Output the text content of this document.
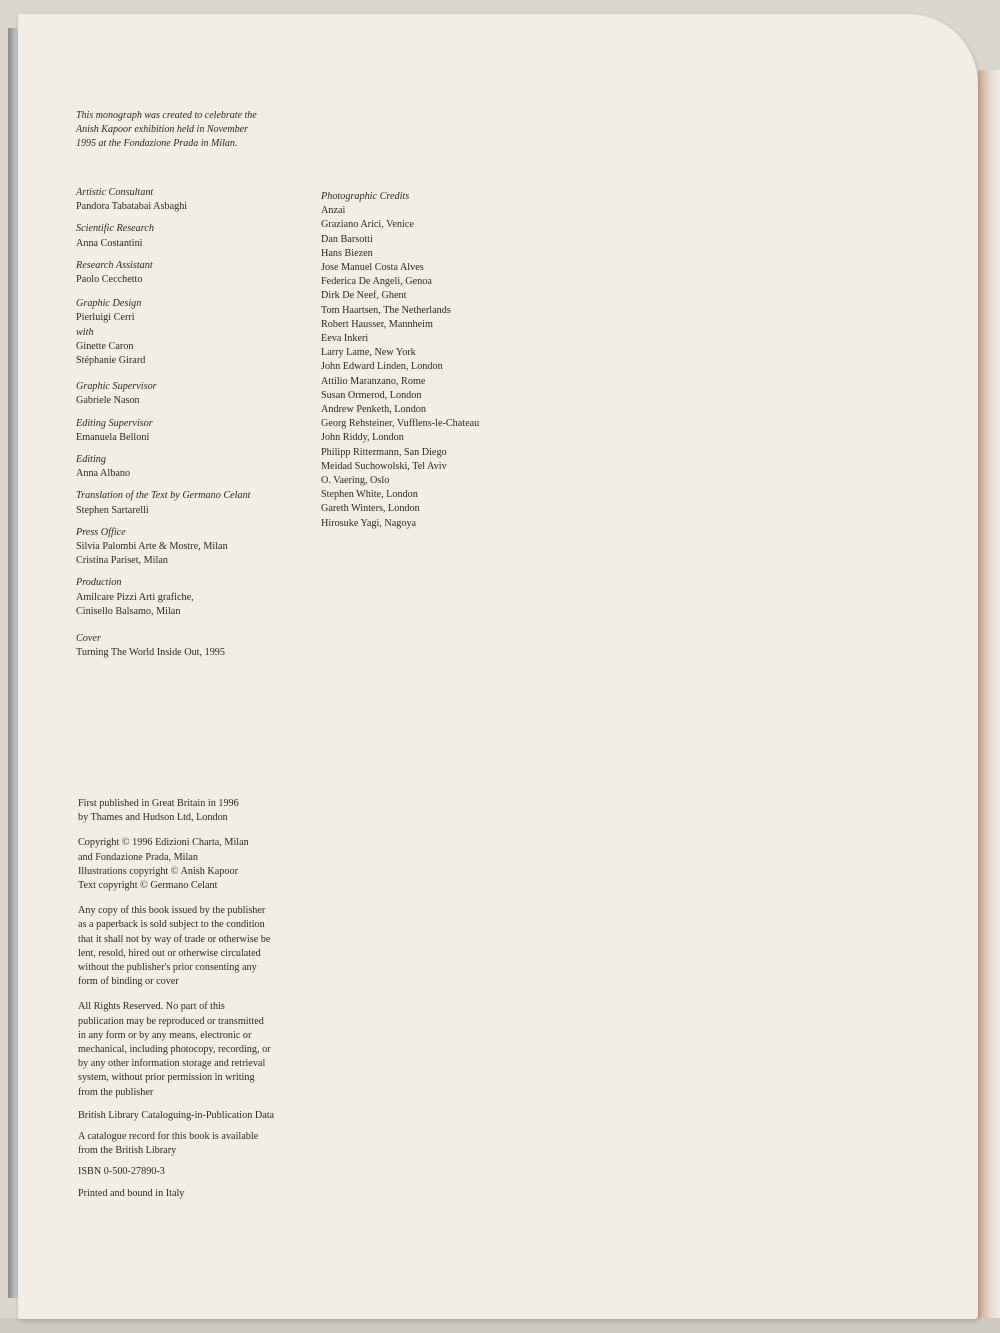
This monograph was created to celebrate the
Anish Kapoor exhibition held in November
1995 at the Fondazione Prada in Milan.
Artistic Consultant
Pandora Tabatabai Asbaghi
Scientific Research
Anna Costantini
Research Assistant
Paolo Cecchetto
Graphic Design
Pierluigi Cerri
with
Ginette Caron
Stéphanie Girard
Graphic Supervisor
Gabriele Nason
Editing Supervisor
Emanuela Belloni
Editing
Anna Albano
Translation of the Text by Germano Celant
Stephen Sartarelli
Press Office
Silvia Palombi Arte & Mostre, Milan
Cristina Pariset, Milan
Production
Amilcare Pizzi Arti grafiche,
Cinisello Balsamo, Milan
Cover
Turning The World Inside Out, 1995
Photographic Credits
Anzai
Graziano Arici, Venice
Dan Barsotti
Hans Biezen
Jose Manuel Costa Alves
Federica De Angeli, Genoa
Dirk De Neef, Ghent
Tom Haartsen, The Netherlands
Robert Hausser, Mannheim
Eeva Inkeri
Larry Lame, New York
John Edward Linden, London
Attilio Maranzano, Rome
Susan Ormerod, London
Andrew Penketh, London
Georg Rehsteiner, Vufflens-le-Chateau
John Riddy, London
Philipp Rittermann, San Diego
Meidad Suchowolski, Tel Aviv
O. Vaering, Oslo
Stephen White, London
Gareth Winters, London
Hirosuke Yagi, Nagoya
First published in Great Britain in 1996
by Thames and Hudson Ltd, London
Copyright © 1996 Edizioni Charta, Milan
and Fondazione Prada, Milan
Illustrations copyright © Anish Kapoor
Text copyright © Germano Celant
Any copy of this book issued by the publisher
as a paperback is sold subject to the condition
that it shall not by way of trade or otherwise be
lent, resold, hired out or otherwise circulated
without the publisher's prior consenting any
form of binding or cover
All Rights Reserved. No part of this
publication may be reproduced or transmitted
in any form or by any means, electronic or
mechanical, including photocopy, recording, or
by any other information storage and retrieval
system, without prior permission in writing
from the publisher
British Library Cataloguing-in-Publication Data
A catalogue record for this book is available
from the British Library
ISBN 0-500-27890-3
Printed and bound in Italy
